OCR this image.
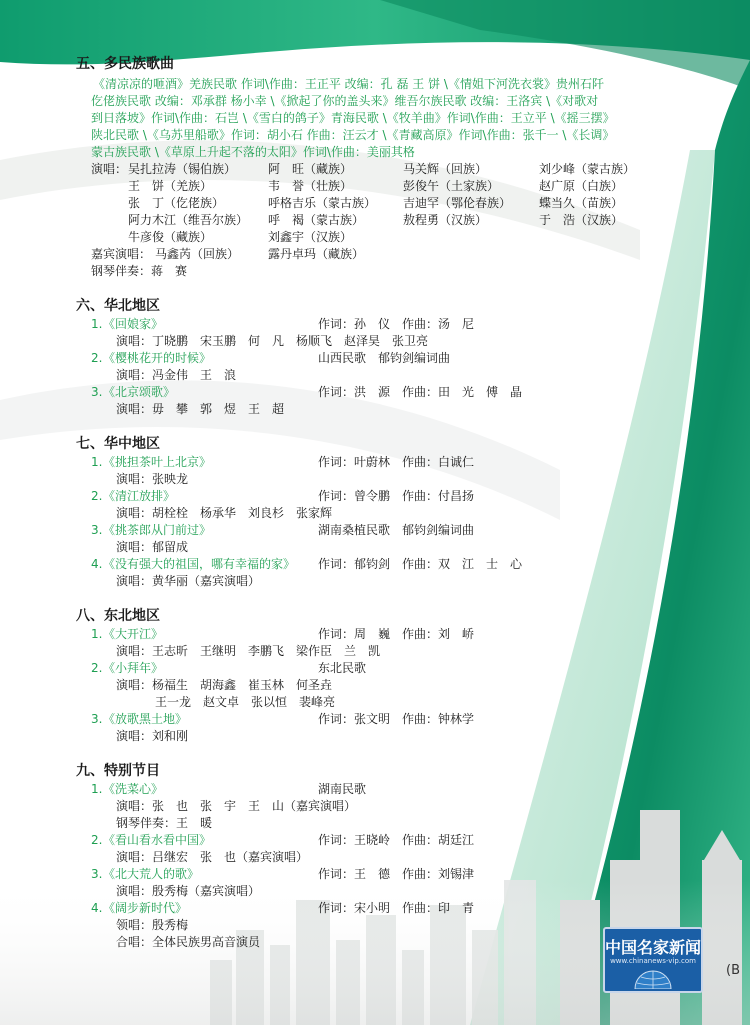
五、多民族歌曲
《清凉凉的咂酒》羌族民歌 作词\作曲：王正平 改编：孔 磊 王 饼 \《情姐下河洗衣裳》贵州石阡
仡佬族民歌 改编：邓承群 杨小幸 \《掀起了你的盖头来》维吾尔族民歌 改编：王洛宾 \《对歌对
到日落坡》作词\作曲：石岂 \《雪白的鸽子》青海民歌 \《牧羊曲》作词\作曲：王立平 \《摇三摆》
陕北民歌 \《乌苏里船歌》作词：胡小石 作曲：汪云才 \《青藏高原》作词\作曲：张千一 \《长调》
蒙古族民歌 \《草原上升起不落的太阳》作词\作曲：美丽其格
演唱： 吴扎拉涛（锡伯族）	阿　旺（藏族）	马关辉（回族）	刘少峰（蒙古族）
王　饼（羌族）	韦　誉（壮族）	彭俊午（土家族）	赵广原（白族）
张　丁（仡佬族）	呼格吉乐（蒙古族） 吉迪罕（鄂伦春族） 蝶当久（苗族）
阿力木江（维吾尔族） 呼　褐（蒙古族）	敖程勇（汉族）	于　浩（汉族）
牛彦俊（藏族）	刘鑫宇（汉族）
嘉宾演唱： 马鑫芮（回族） 露丹卓玛（藏族）
钢琴伴奏：蒋　赛
六、华北地区
1. 《回娘家》	作词：孙　仪　作曲：汤　尼
演唱：丁晓鹏　宋玉鹏　何　凡　杨顺飞　赵泽昊　张卫亮
2. 《樱桃花开的时候》	山西民歌　郁钧剑编词曲
演唱：冯金伟　王　浪
3. 《北京颂歌》	作词：洪　源　作曲：田　光　傅　晶
演唱：毋　攀　郭　煜　王　超
七、华中地区
1. 《挑担茶叶上北京》	作词：叶蔚林　作曲：白诚仁
演唱：张映龙
2. 《清江放排》	作词：曾令鹏　作曲：付昌扬
演唱：胡栓栓　杨承华　刘良杉　张家辉
3. 《挑茶郎从门前过》	湖南桑植民歌　郁钧剑编词曲
演唱：郁留成
4. 《没有强大的祖国，哪有幸福的家》 作词：郁钧剑　作曲：双　江　士　心
演唱：黄华丽（嘉宾演唱）
八、东北地区
1. 《大开江》	作词：周　巍　作曲：刘　峤
演唱：王志昕　王继明　李鹏飞　梁作臣　兰　凯
2. 《小拜年》	东北民歌
演唱：杨福生　胡海鑫　崔玉林　何圣垚
王一龙　赵文卓　张以恒　裴峰亮
3. 《放歌黑土地》	作词：张文明　作曲：钟林学
演唱：刘和刚
九、特别节目
1. 《洗菜心》	湖南民歌
演唱：张　也　张　宇　王　山（嘉宾演唱）
钢琴伴奏：王　暖
2. 《看山看水看中国》	作词：王晓岭　作曲：胡廷江
演唱：吕继宏　张　也（嘉宾演唱）
3. 《北大荒人的歌》	作词：王　德　作曲：刘锡津
演唱：殷秀梅（嘉宾演唱）
4. 《阔步新时代》	作词：宋小明　作曲：印　青
领唱：殷秀梅
合唱：全体民族男高音演员	中国名家新闻
www.chinanews-vip.com
(B
